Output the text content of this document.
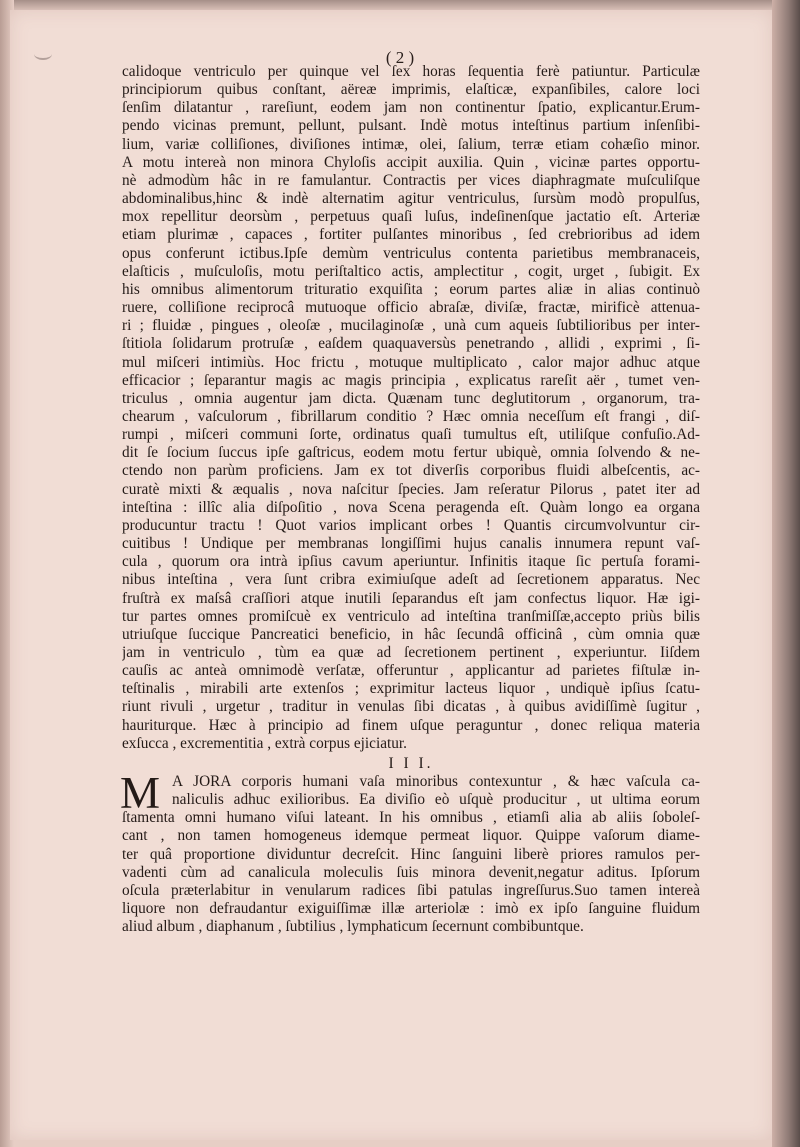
( 2 )
calidoque ventriculo per quinque vel ſex horas ſequentia ferè patiuntur. Particulæ
principiorum quibus conſtant, aëreæ imprimis, elaſticæ, expanſibiles, calore loci
ſenſim dilatantur , rareſiunt, eodem jam non continentur ſpatio, explicantur.Erum-
pendo vicinas premunt, pellunt, pulsant. Indè motus inteſtinus partium inſenſibi-
lium, variæ colliſiones, diviſiones intimæ, olei, ſalium, terræ etiam cohæſio minor.
A motu intereà non minora Chyloſis accipit auxilia. Quin , vicinæ partes opportu-
nè admodùm hâc in re famulantur. Contractis per vices diaphragmate muſculiſque
abdominalibus,hinc & indè alternatim agitur ventriculus, ſursùm modò propulſus,
mox repellitur deorsùm , perpetuus quaſi luſus, indeſinenſque jactatio eſt. Arteriæ
etiam plurimæ , capaces , fortiter pulſantes minoribus , ſed crebrioribus ad idem
opus conferunt ictibus.Ipſe demùm ventriculus contenta parietibus membranaceis,
elaſticis , muſculoſis, motu periſtaltico actis, amplectitur , cogit, urget , ſubigit. Ex
his omnibus alimentorum trituratio exquiſita ; eorum partes aliæ in alias continuò
ruere, colliſione reciprocâ mutuoque officio abraſæ, diviſæ, fractæ, mirificè attenua-
ri ; fluidæ , pingues , oleoſæ , mucilaginoſæ , unà cum aqueis ſubtilioribus per inter-
ſtitiola ſolidarum protruſæ , eaſdem quaquaversùs penetrando , allidi , exprimi , ſi-
mul miſceri intimiùs. Hoc frictu , motuque multiplicato , calor major adhuc atque
efficacior ; ſeparantur magis ac magis principia , explicatus rareſit aër , tumet ven-
triculus , omnia augentur jam dicta. Quænam tunc deglutitorum , organorum, tra-
chearum , vaſculorum , fibrillarum conditio ? Hæc omnia neceſſum eſt frangi , diſ-
rumpi , miſceri communi ſorte, ordinatus quaſi tumultus eſt, utiliſque confuſio.Ad-
dit ſe ſocium ſuccus ipſe gaſtricus, eodem motu fertur ubiquè, omnia ſolvendo & ne-
ctendo non parùm proficiens. Jam ex tot diverſis corporibus fluidi albeſcentis, ac-
curatè mixti & æqualis , nova naſcitur ſpecies. Jam reſeratur Pilorus , patet iter ad
inteſtina : illîc alia diſpoſitio , nova Scena peragenda eſt. Quàm longo ea organa
producuntur tractu ! Quot varios implicant orbes ! Quantis circumvolvuntur cir-
cuitibus ! Undique per membranas longiſſimi hujus canalis innumera repunt vaſ-
cula , quorum ora intrà ipſius cavum aperiuntur. Infinitis itaque ſic pertuſa forami-
nibus inteſtina , vera ſunt cribra eximiuſque adeſt ad ſecretionem apparatus. Nec
fruſtrà ex maſsâ craſſiori atque inutili ſeparandus eſt jam confectus liquor. Hæ igi-
tur partes omnes promiſcuè ex ventriculo ad inteſtina tranſmiſſæ,accepto priùs bilis
utriuſque ſuccique Pancreatici beneficio, in hâc ſecundâ officinâ , cùm omnia quæ
jam in ventriculo , tùm ea quæ ad ſecretionem pertinent , experiuntur. Iiſdem
cauſis ac anteà omnimodè verſatæ, offeruntur , applicantur ad parietes fiſtulæ in-
teſtinalis , mirabili arte extenſos ; exprimitur lacteus liquor , undiquè ipſius ſcatu-
riunt rivuli , urgetur , traditur in venulas ſibi dicatas , à quibus avidiſſimè ſugitur ,
hauriturque. Hæc à principio ad finem uſque peraguntur , donec reliqua materia
exſucca , excrementitia , extrà corpus ejiciatur.
I I I.
M A JORA corporis humani vaſa minoribus contexuntur , & hæc vaſcula ca-
naliculis adhuc exilioribus. Ea diviſio eò uſquè producitur , ut ultima eorum
ſtamenta omni humano viſui lateant. In his omnibus , etiamſi alia ab aliis ſoboleſ-
cant , non tamen homogeneus idemque permeat liquor. Quippe vaſorum diame-
ter quâ proportione dividuntur decreſcit. Hinc ſanguini liberè priores ramulos per-
vadenti cùm ad canalicula moleculis ſuis minora devenit,negatur aditus. Ipſorum
oſcula præterlabitur in venularum radices ſibi patulas ingreſſurus.Suo tamen intereà
liquore non defraudantur exiguiſſimæ illæ arteriolæ : imò ex ipſo ſanguine fluidum
aliud album , diaphanum , ſubtilius , lymphaticum ſecernunt combibuntque.
